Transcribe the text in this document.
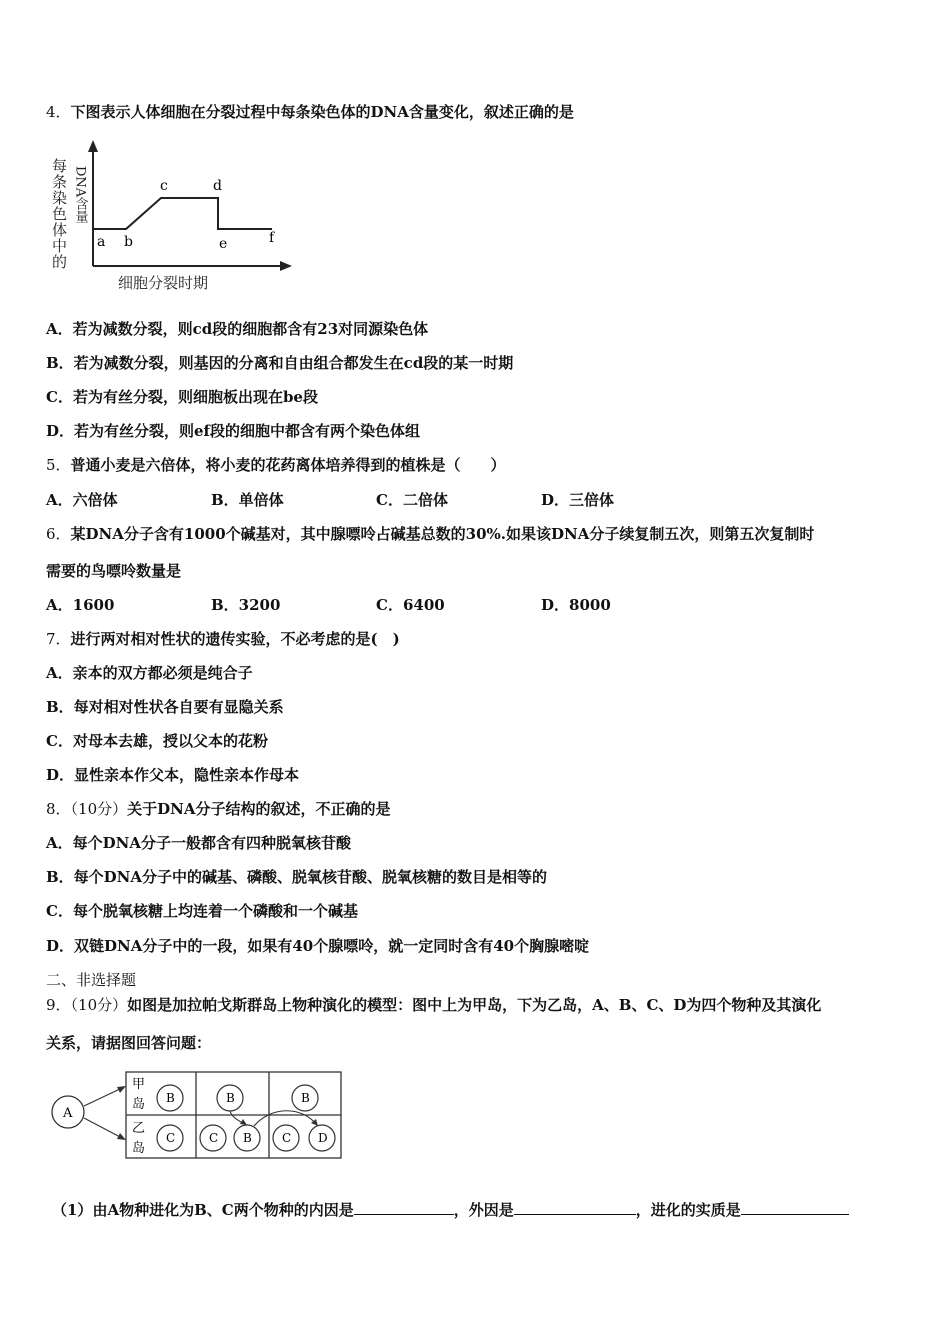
4．下图表示人体细胞在分裂过程中每条染色体的DNA含量变化，叙述正确的是
每条染色体中的 DNA含量
a b
c	d
e	f
细胞分裂时期
A．若为减数分裂，则cd段的细胞都含有23对同源染色体
B．若为减数分裂，则基因的分离和自由组合都发生在cd段的某一时期
C．若为有丝分裂，则细胞板出现在be段
D．若为有丝分裂，则ef段的细胞中都含有两个染色体组
5．普通小麦是六倍体，将小麦的花药离体培养得到的植株是（　　）
A．六倍体	B．单倍体	C．二倍体	D．三倍体
6．某DNA分子含有1000个碱基对，其中腺嘌呤占碱基总数的30%.如果该DNA分子续复制五次，则第五次复制时
需要的鸟嘌呤数量是
A．1600	B．3200	C．6400	D．8000
7．进行两对相对性状的遗传实验，不必考虑的是(　)
A．亲本的双方都必须是纯合子
B．每对相对性状各自要有显隐关系
C．对母本去雄，授以父本的花粉
D．显性亲本作父本，隐性亲本作母本
8．（10分）关于DNA分子结构的叙述，不正确的是
A．每个DNA分子一般都含有四种脱氧核苷酸
B．每个DNA分子中的碱基、磷酸、脱氧核苷酸、脱氧核糖的数目是相等的
C．每个脱氧核糖上均连着一个磷酸和一个碱基
D．双链DNA分子中的一段，如果有40个腺嘌呤，就一定同时含有40个胸腺嘧啶
二、非选择题
9．（10分）如图是加拉帕戈斯群岛上物种演化的模型：图中上为甲岛，下为乙岛，A、B、C、D为四个物种及其演化
关系，请据图回答问题：
A
甲
岛
乙
岛
B	B	B
C	C B	C D
（1）由A物种进化为B、C两个物种的内因是	，外因是	，进化的实质是
